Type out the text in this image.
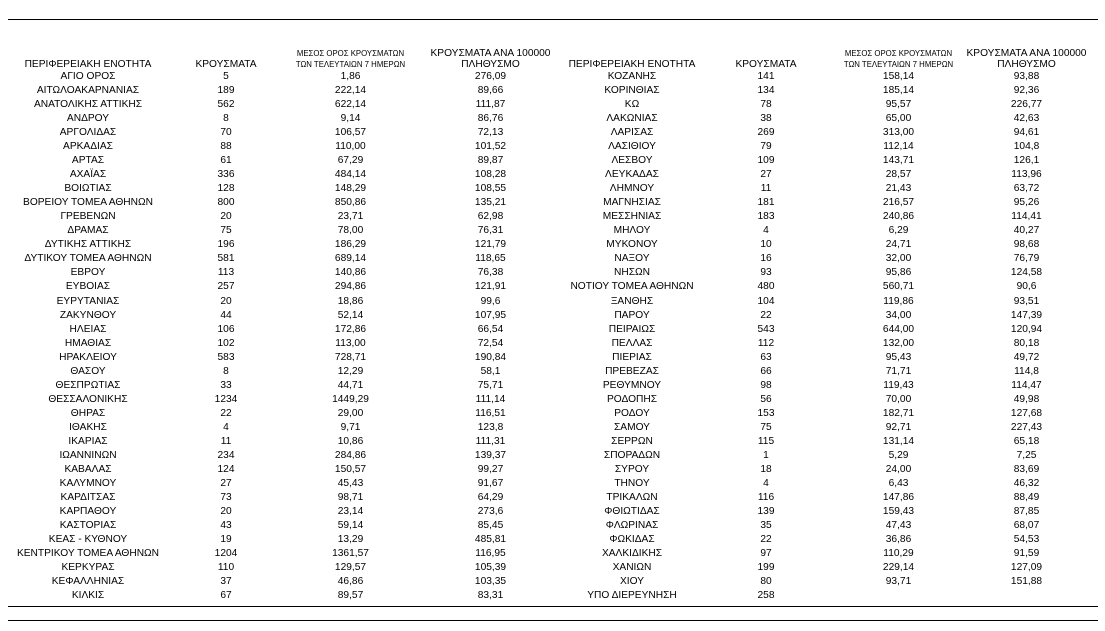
ΠΕΡΙΦΕΡΕΙΑΚΗ ΕΝΟΤΗΤΑ	ΚΡΟΥΣΜΑΤΑ
ΜΕΣΟΣ ΟΡΟΣ ΚΡΟΥΣΜΑΤΩΝ
ΤΩΝ ΤΕΛΕΥΤΑΙΩΝ 7 ΗΜΕΡΩΝ
ΚΡΟΥΣΜΑΤΑ ΑΝΑ 100000
ΠΛΗΘΥΣΜΟ
ΑΓΙΟ ΟΡΟΣ	5	1,86	276,09
ΑΙΤΩΛΟΑΚΑΡΝΑΝΙΑΣ	189	222,14	89,66
ΑΝΑΤΟΛΙΚΗΣ ΑΤΤΙΚΗΣ	562	622,14	111,87
ΑΝΔΡΟΥ	8	9,14	86,76
ΑΡΓΟΛΙΔΑΣ	70	106,57	72,13
ΑΡΚΑΔΙΑΣ	88	110,00	101,52
ΑΡΤΑΣ	61	67,29	89,87
ΑΧΑΪΑΣ	336	484,14	108,28
ΒΟΙΩΤΙΑΣ	128	148,29	108,55
ΒΟΡΕΙΟΥ ΤΟΜΕΑ ΑΘΗΝΩΝ	800	850,86	135,21
ΓΡΕΒΕΝΩΝ	20	23,71	62,98
ΔΡΑΜΑΣ	75	78,00	76,31
ΔΥΤΙΚΗΣ ΑΤΤΙΚΗΣ	196	186,29	121,79
ΔΥΤΙΚΟΥ ΤΟΜΕΑ ΑΘΗΝΩΝ	581	689,14	118,65
ΕΒΡΟΥ	113	140,86	76,38
ΕΥΒΟΙΑΣ	257	294,86	121,91
ΕΥΡΥΤΑΝΙΑΣ	20	18,86	99,6
ΖΑΚΥΝΘΟΥ	44	52,14	107,95
ΗΛΕΙΑΣ	106	172,86	66,54
ΗΜΑΘΙΑΣ	102	113,00	72,54
ΗΡΑΚΛΕΙΟΥ	583	728,71	190,84
ΘΑΣΟΥ	8	12,29	58,1
ΘΕΣΠΡΩΤΙΑΣ	33	44,71	75,71
ΘΕΣΣΑΛΟΝΙΚΗΣ	1234	1449,29	111,14
ΘΗΡΑΣ	22	29,00	116,51
ΙΘΑΚΗΣ	4	9,71	123,8
ΙΚΑΡΙΑΣ	11	10,86	111,31
ΙΩΑΝΝΙΝΩΝ	234	284,86	139,37
ΚΑΒΑΛΑΣ	124	150,57	99,27
ΚΑΛΥΜΝΟΥ	27	45,43	91,67
ΚΑΡΔΙΤΣΑΣ	73	98,71	64,29
ΚΑΡΠΑΘΟΥ	20	23,14	273,6
ΚΑΣΤΟΡΙΑΣ	43	59,14	85,45
ΚΕΑΣ - ΚΥΘΝΟΥ	19	13,29	485,81
ΚΕΝΤΡΙΚΟΥ ΤΟΜΕΑ ΑΘΗΝΩΝ	1204	1361,57	116,95
ΚΕΡΚΥΡΑΣ	110	129,57	105,39
ΚΕΦΑΛΛΗΝΙΑΣ	37	46,86	103,35
ΚΙΛΚΙΣ	67	89,57	83,31
ΠΕΡΙΦΕΡΕΙΑΚΗ ΕΝΟΤΗΤΑ	ΚΡΟΥΣΜΑΤΑ
ΜΕΣΟΣ ΟΡΟΣ ΚΡΟΥΣΜΑΤΩΝ
ΤΩΝ ΤΕΛΕΥΤΑΙΩΝ 7 ΗΜΕΡΩΝ
ΚΡΟΥΣΜΑΤΑ ΑΝΑ 100000
ΠΛΗΘΥΣΜΟ
ΚΟΖΑΝΗΣ	141	158,14	93,88
ΚΟΡΙΝΘΙΑΣ	134	185,14	92,36
ΚΩ	78	95,57	226,77
ΛΑΚΩΝΙΑΣ	38	65,00	42,63
ΛΑΡΙΣΑΣ	269	313,00	94,61
ΛΑΣΙΘΙΟΥ	79	112,14	104,8
ΛΕΣΒΟΥ	109	143,71	126,1
ΛΕΥΚΑΔΑΣ	27	28,57	113,96
ΛΗΜΝΟΥ	11	21,43	63,72
ΜΑΓΝΗΣΙΑΣ	181	216,57	95,26
ΜΕΣΣΗΝΙΑΣ	183	240,86	114,41
ΜΗΛΟΥ	4	6,29	40,27
ΜΥΚΟΝΟΥ	10	24,71	98,68
ΝΑΞΟΥ	16	32,00	76,79
ΝΗΣΩΝ	93	95,86	124,58
ΝΟΤΙΟΥ ΤΟΜΕΑ ΑΘΗΝΩΝ	480	560,71	90,6
ΞΑΝΘΗΣ	104	119,86	93,51
ΠΑΡΟΥ	22	34,00	147,39
ΠΕΙΡΑΙΩΣ	543	644,00	120,94
ΠΕΛΛΑΣ	112	132,00	80,18
ΠΙΕΡΙΑΣ	63	95,43	49,72
ΠΡΕΒΕΖΑΣ	66	71,71	114,8
ΡΕΘΥΜΝΟΥ	98	119,43	114,47
ΡΟΔΟΠΗΣ	56	70,00	49,98
ΡΟΔΟΥ	153	182,71	127,68
ΣΑΜΟΥ	75	92,71	227,43
ΣΕΡΡΩΝ	115	131,14	65,18
ΣΠΟΡΑΔΩΝ	1	5,29	7,25
ΣΥΡΟΥ	18	24,00	83,69
ΤΗΝΟΥ	4	6,43	46,32
ΤΡΙΚΑΛΩΝ	116	147,86	88,49
ΦΘΙΩΤΙΔΑΣ	139	159,43	87,85
ΦΛΩΡΙΝΑΣ	35	47,43	68,07
ΦΩΚΙΔΑΣ	22	36,86	54,53
ΧΑΛΚΙΔΙΚΗΣ	97	110,29	91,59
ΧΑΝΙΩΝ	199	229,14	127,09
ΧΙΟΥ	80	93,71	151,88
ΥΠΟ ΔΙΕΡΕΥΝΗΣΗ	258
